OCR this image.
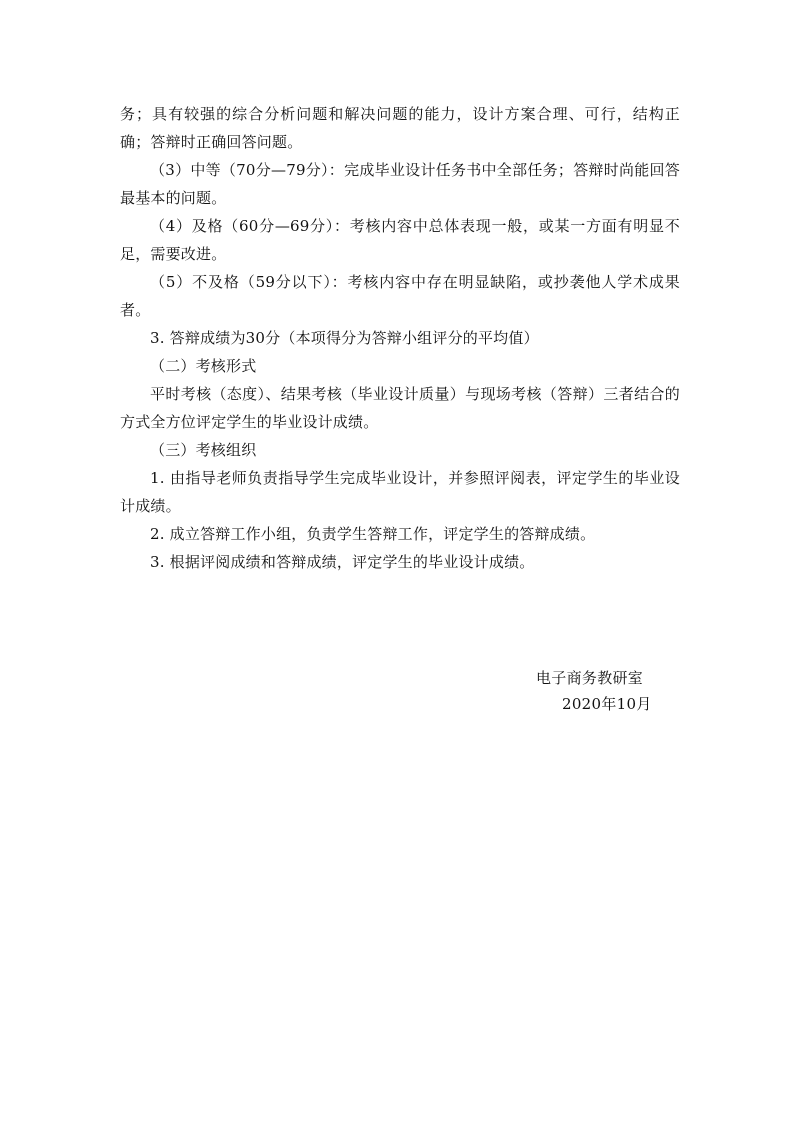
务；具有较强的综合分析问题和解决问题的能力，设计方案合理、可行，结构正确；答辩时正确回答问题。

（3）中等（70分—79分）：完成毕业设计任务书中全部任务；答辩时尚能回答最基本的问题。

（4）及格（60分—69分）：考核内容中总体表现一般，或某一方面有明显不足，需要改进。

（5）不及格（59分以下）：考核内容中存在明显缺陷，或抄袭他人学术成果者。

3. 答辩成绩为30分（本项得分为答辩小组评分的平均值）

（二）考核形式

平时考核（态度）、结果考核（毕业设计质量）与现场考核（答辩）三者结合的方式全方位评定学生的毕业设计成绩。

（三）考核组织

1. 由指导老师负责指导学生完成毕业设计，并参照评阅表，评定学生的毕业设计成绩。

2. 成立答辩工作小组，负责学生答辩工作，评定学生的答辩成绩。

3. 根据评阅成绩和答辩成绩，评定学生的毕业设计成绩。

电子商务教研室
2020年10月
